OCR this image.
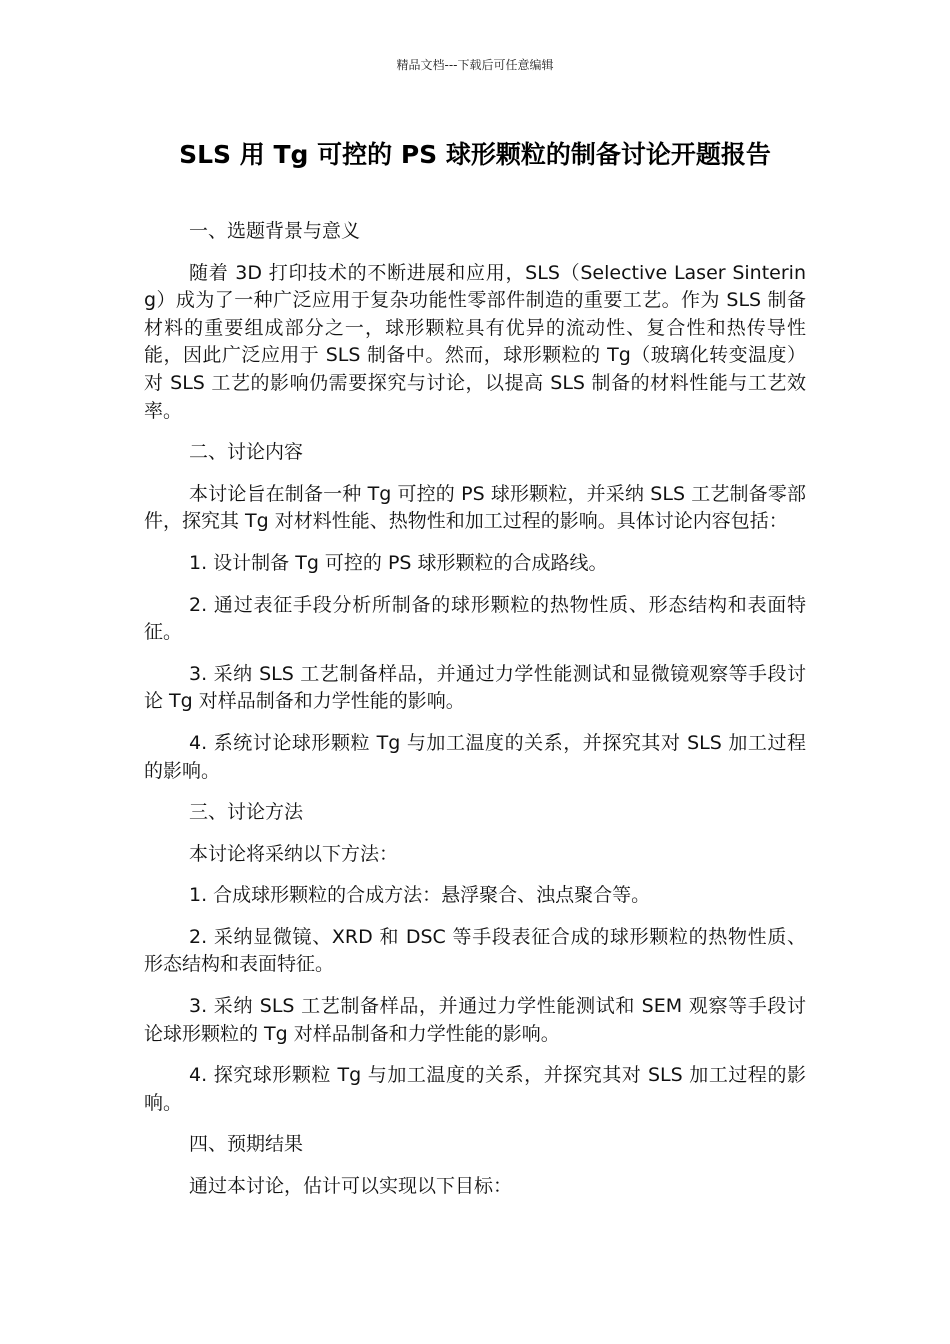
精品文档---下载后可任意编辑
SLS 用 Tg 可控的 PS 球形颗粒的制备讨论开题报告

一、选题背景与意义

随着 3D 打印技术的不断进展和应用，SLS（Selective Laser Sintering）成为了一种广泛应用于复杂功能性零部件制造的重要工艺。作为 SLS 制备材料的重要组成部分之一，球形颗粒具有优异的流动性、复合性和热传导性能，因此广泛应用于 SLS 制备中。然而，球形颗粒的 Tg（玻璃化转变温度）对 SLS 工艺的影响仍需要探究与讨论，以提高 SLS 制备的材料性能与工艺效率。

二、讨论内容

本讨论旨在制备一种 Tg 可控的 PS 球形颗粒，并采纳 SLS 工艺制备零部件，探究其 Tg 对材料性能、热物性和加工过程的影响。具体讨论内容包括：

1. 设计制备 Tg 可控的 PS 球形颗粒的合成路线。

2. 通过表征手段分析所制备的球形颗粒的热物性质、形态结构和表面特征。

3. 采纳 SLS 工艺制备样品，并通过力学性能测试和显微镜观察等手段讨论 Tg 对样品制备和力学性能的影响。

4. 系统讨论球形颗粒 Tg 与加工温度的关系，并探究其对 SLS 加工过程的影响。

三、讨论方法

本讨论将采纳以下方法：

1. 合成球形颗粒的合成方法：悬浮聚合、浊点聚合等。

2. 采纳显微镜、XRD 和 DSC 等手段表征合成的球形颗粒的热物性质、形态结构和表面特征。

3. 采纳 SLS 工艺制备样品，并通过力学性能测试和 SEM 观察等手段讨论球形颗粒的 Tg 对样品制备和力学性能的影响。

4. 探究球形颗粒 Tg 与加工温度的关系，并探究其对 SLS 加工过程的影响。

四、预期结果

通过本讨论，估计可以实现以下目标：
